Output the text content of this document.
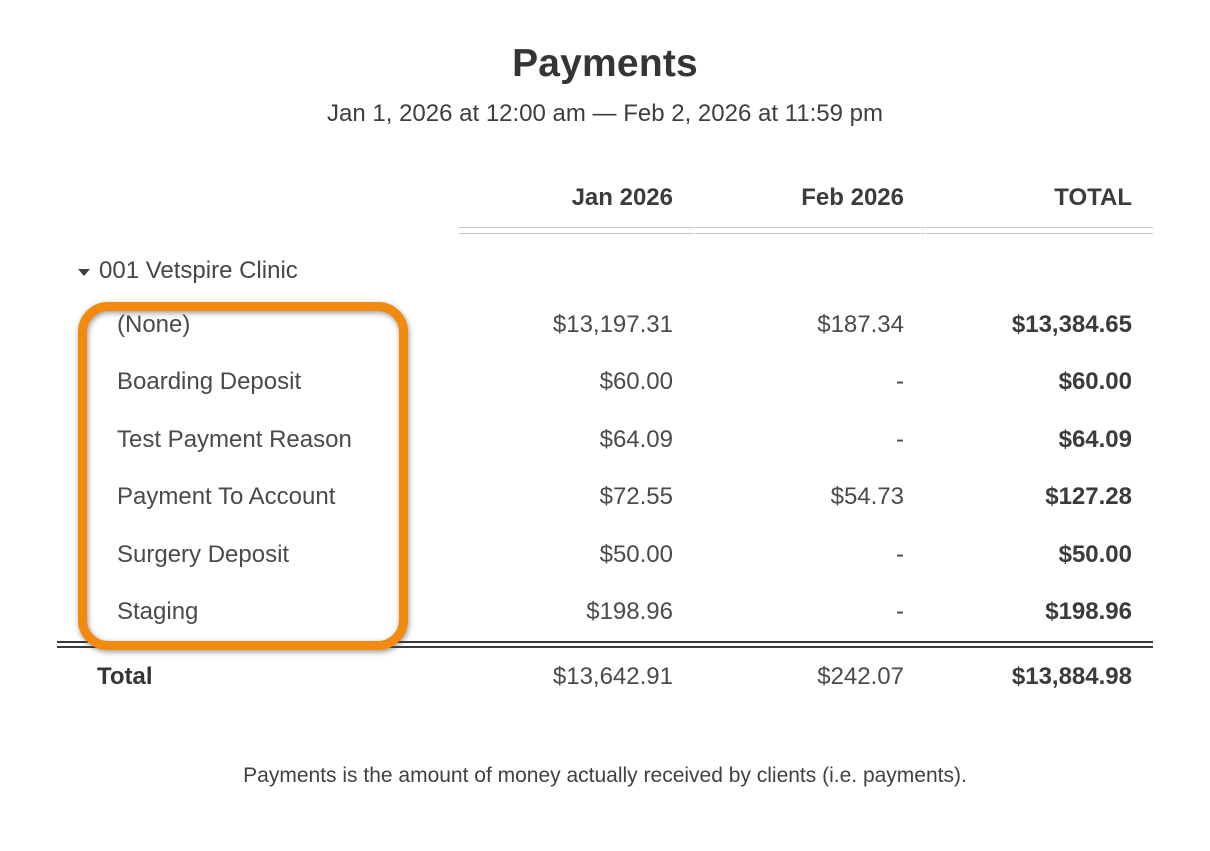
Payments
Jan 1, 2026 at 12:00 am — Feb 2, 2026 at 11:59 pm
Jan 2026	Feb 2026	TOTAL
001 Vetspire Clinic
(None)	$13,197.31	$187.34	$13,384.65
Boarding Deposit	$60.00	-	$60.00
Test Payment Reason	$64.09	-	$64.09
Payment To Account	$72.55	$54.73	$127.28
Surgery Deposit	$50.00	-	$50.00
Staging	$198.96	-	$198.96
Total	$13,642.91	$242.07	$13,884.98
Payments is the amount of money actually received by clients (i.e. payments).
